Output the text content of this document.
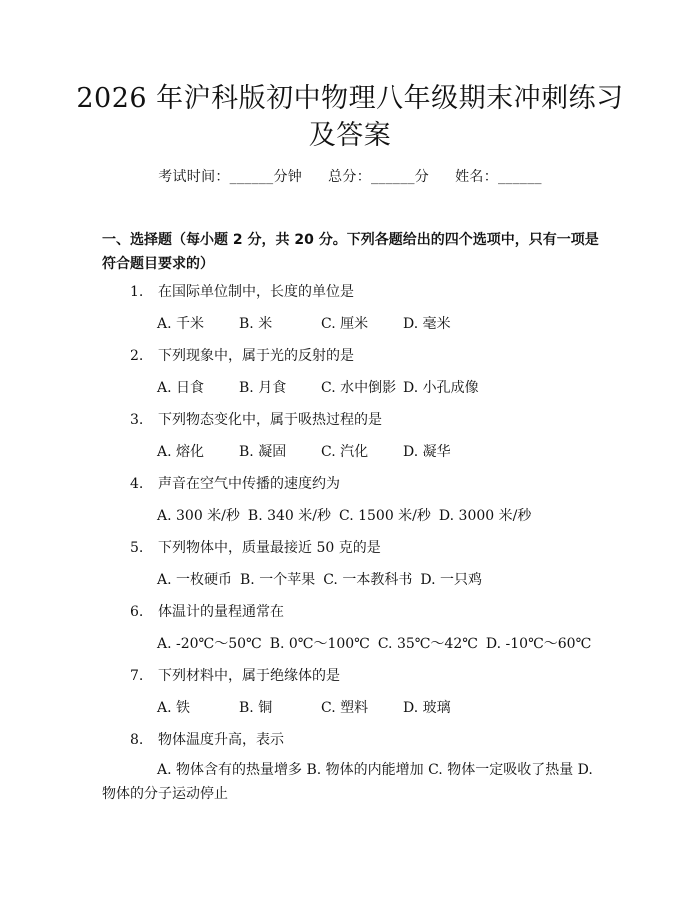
2026 年沪科版初中物理八年级期末冲刺练习
及答案
考试时间：______分钟 总分：______分 姓名：______
一、选择题（每小题 2 分，共 20 分。下列各题给出的四个选项中，只有一项是符合题目要求的）
1. 在国际单位制中，长度的单位是
A. 千米 B. 米	C. 厘米 D. 毫米
2. 下列现象中，属于光的反射的是
A. 日食 B. 月食 C. 水中倒影 D. 小孔成像
3. 下列物态变化中，属于吸热过程的是
A. 熔化 B. 凝固 C. 汽化 D. 凝华
4. 声音在空气中传播的速度约为
A. 300 米/秒 B. 340 米/秒 C. 1500 米/秒 D. 3000 米/秒
5. 下列物体中，质量最接近 50 克的是
A. 一枚硬币 B. 一个苹果 C. 一本教科书 D. 一只鸡
6. 体温计的量程通常在
A. -20℃～50℃ B. 0℃～100℃ C. 35℃～42℃ D. -10℃～60℃
7. 下列材料中，属于绝缘体的是
A. 铁	B. 铜	C. 塑料 D. 玻璃
8. 物体温度升高，表示
A. 物体含有的热量增多 B. 物体的内能增加 C. 物体一定吸收了热量 D. 物体的分子运动停止
